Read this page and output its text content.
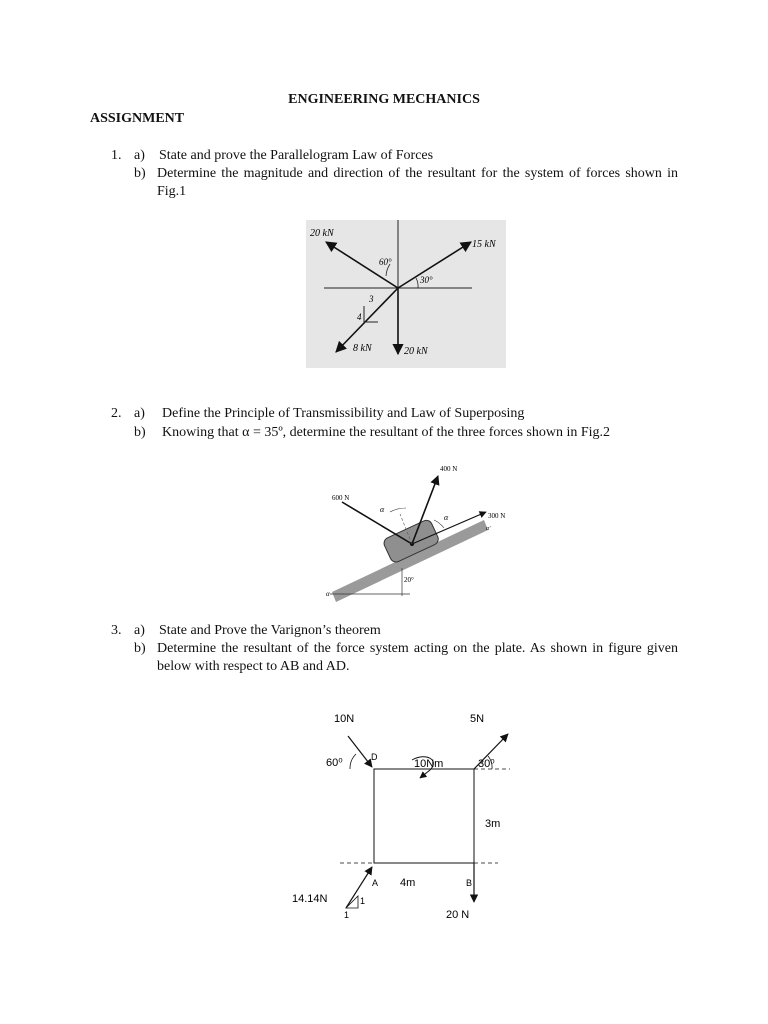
ENGINEERING MECHANICS
ASSIGNMENT
1. a) State and prove the Parallelogram Law of Forces
b) Determine the magnitude and direction of the resultant for the system of forces shown in Fig.1
20 kN
15 kN
60°
30°
3
4
8 kN	20 kN
2. a) Define the Principle of Transmissibility and Law of Superposing
b) Knowing that α = 35º, determine the resultant of the three forces shown in Fig.2
400 N
600 N
300 N
α
α
α'
20°
α
3. a) State and Prove the Varignon’s theorem
b) Determine the resultant of the force system acting on the plate. As shown in figure given below with respect to AB and AD.
10N	5N
60⁰	D
10Nm	30⁰
3m
A 4m	B
14.14N	1
1	20 N
